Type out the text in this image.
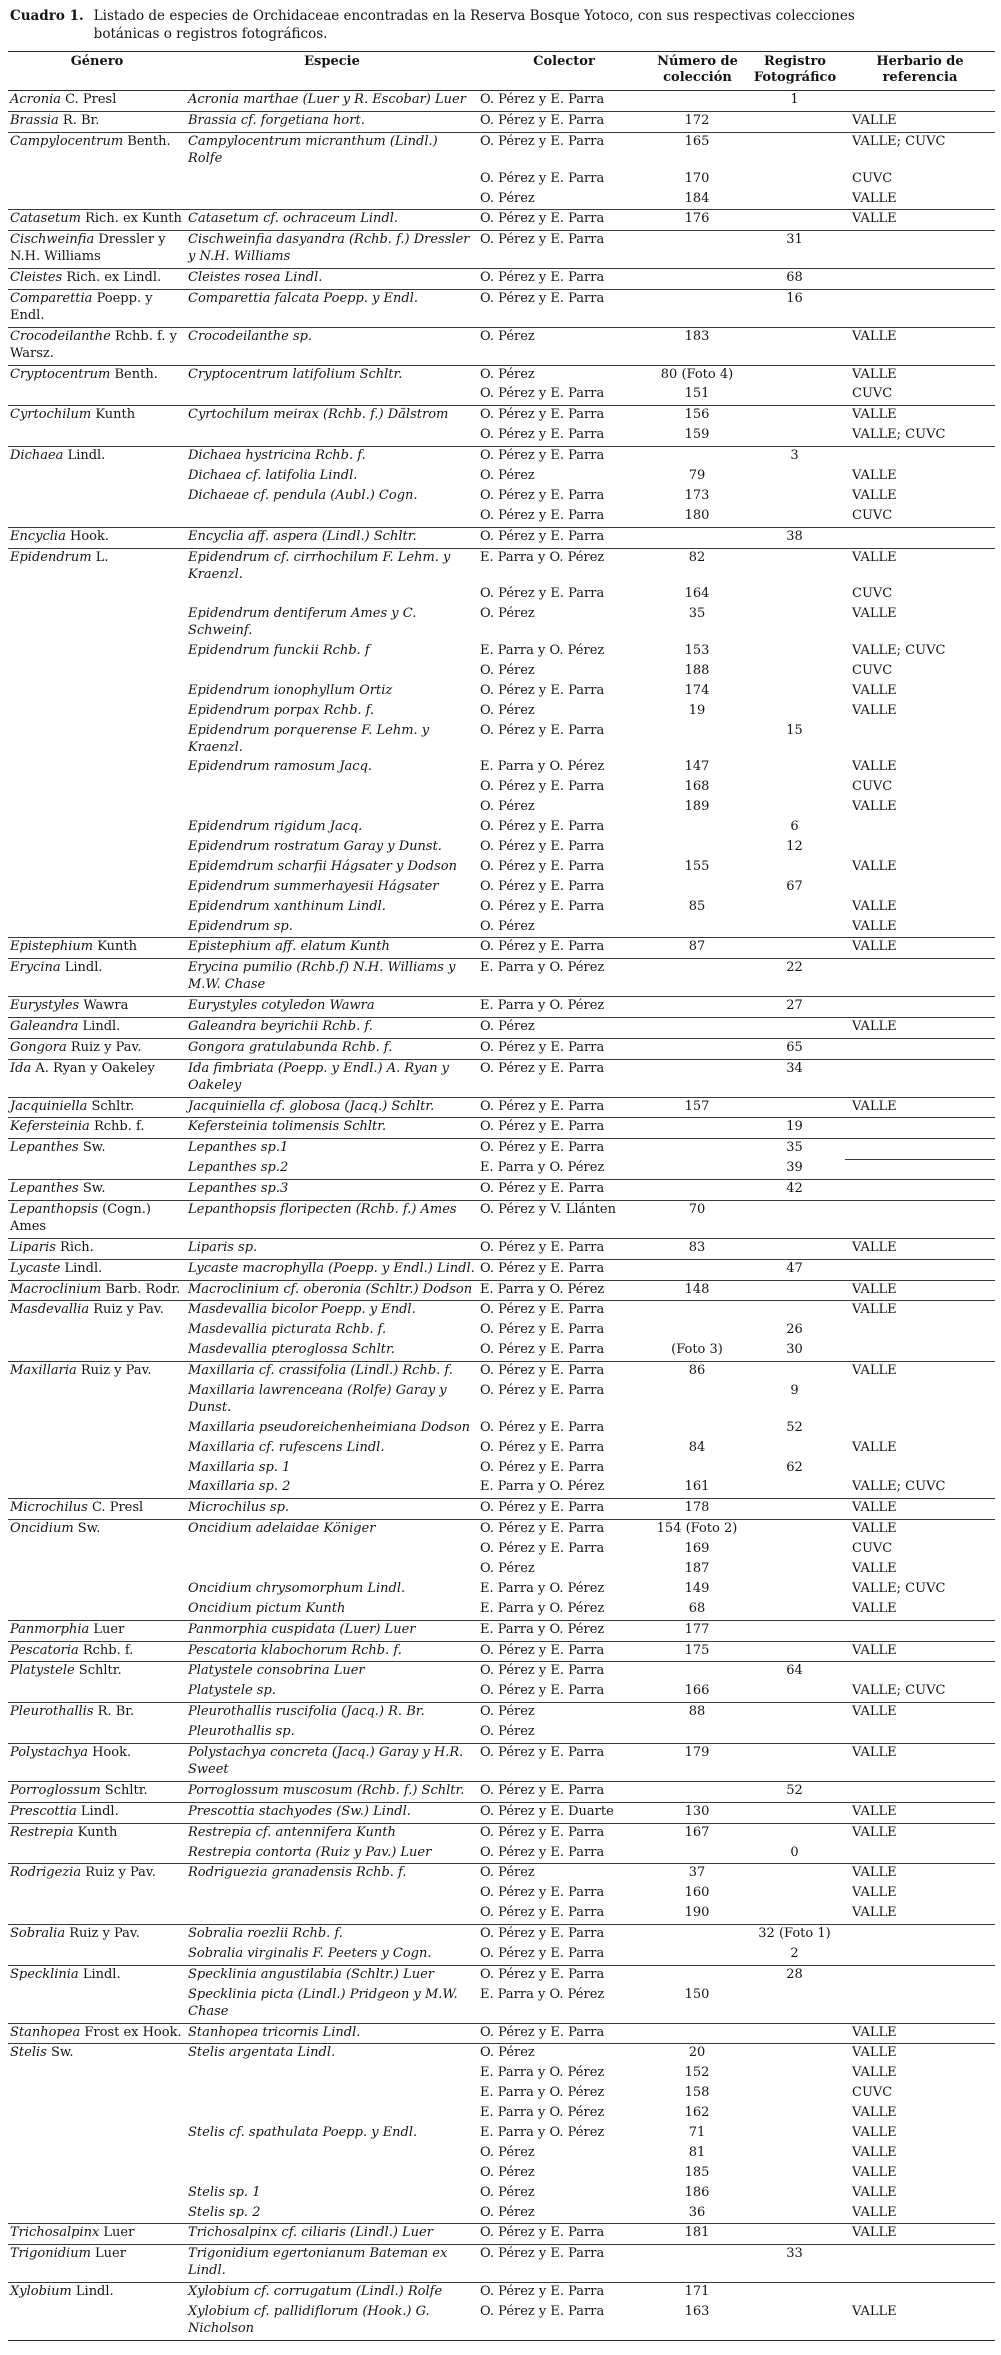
Cuadro 1. Listado de especies de Orchidaceae encontradas en la Reserva Bosque Yotoco, con sus respectivas colecciones botánicas o registros fotográficos.
Género	Especie	Colector	Número de colección	Registro Fotográfico	Herbario de referencia
Acronia C. Presl	Acronia marthae (Luer y R. Escobar) Luer	O. Pérez y E. Parra		1	
Brassia R. Br.	Brassia cf. forgetiana hort.	O. Pérez y E. Parra	172		VALLE
Campylocentrum Benth.	Campylocentrum micranthum (Lindl.) Rolfe	O. Pérez y E. Parra	165		VALLE; CUVC
		O. Pérez y E. Parra	170		CUVC
		O. Pérez	184		VALLE
Catasetum Rich. ex Kunth	Catasetum cf. ochraceum Lindl.	O. Pérez y E. Parra	176		VALLE
Cischweinfia Dressler y N.H. Williams	Cischweinfia dasyandra (Rchb. f.) Dressler y N.H. Williams	O. Pérez y E. Parra		31	
Cleistes Rich. ex Lindl.	Cleistes rosea Lindl.	O. Pérez y E. Parra		68	
Comparettia Poepp. y Endl.	Comparettia falcata Poepp. y Endl.	O. Pérez y E. Parra		16	
Crocodeilanthe Rchb. f. y Warsz.	Crocodeilanthe sp.	O. Pérez	183		VALLE
Cryptocentrum Benth.	Cryptocentrum latifolium Schltr.	O. Pérez	80 (Foto 4)		VALLE
		O. Pérez y E. Parra	151		CUVC
Cyrtochilum Kunth	Cyrtochilum meirax (Rchb. f.) Dãlstrom	O. Pérez y E. Parra	156		VALLE
		O. Pérez y E. Parra	159		VALLE; CUVC
Dichaea Lindl.	Dichaea hystricina Rchb. f.	O. Pérez y E. Parra		3	
	Dichaea cf. latifolia Lindl.	O. Pérez	79		VALLE
	Dichaeae cf. pendula (Aubl.) Cogn.	O. Pérez y E. Parra	173		VALLE
		O. Pérez y E. Parra	180		CUVC
Encyclia Hook.	Encyclia aff. aspera (Lindl.) Schltr.	O. Pérez y E. Parra		38	
Epidendrum L.	Epidendrum cf. cirrhochilum F. Lehm. y Kraenzl.	E. Parra y O. Pérez	82		VALLE
		O. Pérez y E. Parra	164		CUVC
	Epidendrum dentiferum Ames y C. Schweinf.	O. Pérez	35		VALLE
	Epidendrum funckii Rchb. f	E. Parra y O. Pérez	153		VALLE; CUVC
		O. Pérez	188		CUVC
	Epidendrum ionophyllum Ortiz	O. Pérez y E. Parra	174		VALLE
	Epidendrum porpax Rchb. f.	O. Pérez	19		VALLE
	Epidendrum porquerense F. Lehm. y Kraenzl.	O. Pérez y E. Parra		15	
	Epidendrum ramosum Jacq.	E. Parra y O. Pérez	147		VALLE
		O. Pérez y E. Parra	168		CUVC
		O. Pérez	189		VALLE
	Epidendrum rigidum Jacq.	O. Pérez y E. Parra		6	
	Epidendrum rostratum Garay y Dunst.	O. Pérez y E. Parra		12	
	Epidemdrum scharfii Hágsater y Dodson	O. Pérez y E. Parra	155		VALLE
	Epidendrum summerhayesii Hágsater	O. Pérez y E. Parra		67	
	Epidendrum xanthinum Lindl.	O. Pérez y E. Parra	85		VALLE
	Epidendrum sp.	O. Pérez			VALLE
Epistephium Kunth	Epistephium aff. elatum Kunth	O. Pérez y E. Parra	87		VALLE
Erycina Lindl.	Erycina pumilio (Rchb.f) N.H. Williams y M.W. Chase	E. Parra y O. Pérez		22	
Eurystyles Wawra	Eurystyles cotyledon Wawra	E. Parra y O. Pérez		27	
Galeandra Lindl.	Galeandra beyrichii Rchb. f.	O. Pérez			VALLE
Gongora Ruiz y Pav.	Gongora gratulabunda Rchb. f.	O. Pérez y E. Parra		65	
Ida A. Ryan y Oakeley	Ida fimbriata (Poepp. y Endl.) A. Ryan y Oakeley	O. Pérez y E. Parra		34	
Jacquiniella Schltr.	Jacquiniella cf. globosa (Jacq.) Schltr.	O. Pérez y E. Parra	157		VALLE
Kefersteinia Rchb. f.	Kefersteinia tolimensis Schltr.	O. Pérez y E. Parra		19	
Lepanthes Sw.	Lepanthes sp.1	O. Pérez y E. Parra		35	
	Lepanthes sp.2	E. Parra y O. Pérez		39	
Lepanthes Sw.	Lepanthes sp.3	O. Pérez y E. Parra		42	
Lepanthopsis (Cogn.) Ames	Lepanthopsis floripecten (Rchb. f.) Ames	O. Pérez y V. Llánten	70		
Liparis Rich.	Liparis sp.	O. Pérez y E. Parra	83		VALLE
Lycaste Lindl.	Lycaste macrophylla (Poepp. y Endl.) Lindl.	O. Pérez y E. Parra		47	
Macroclinium Barb. Rodr.	Macroclinium cf. oberonia (Schltr.) Dodson	E. Parra y O. Pérez	148		VALLE
Masdevallia Ruiz y Pav.	Masdevallia bicolor Poepp. y Endl.	O. Pérez y E. Parra			VALLE
	Masdevallia picturata Rchb. f.	O. Pérez y E. Parra		26	
	Masdevallia pteroglossa Schltr.	O. Pérez y E. Parra	(Foto 3)	30	
Maxillaria Ruiz y Pav.	Maxillaria cf. crassifolia (Lindl.) Rchb. f.	O. Pérez y E. Parra	86		VALLE
	Maxillaria lawrenceana (Rolfe) Garay y Dunst.	O. Pérez y E. Parra		9	
	Maxillaria pseudoreichenheimiana Dodson	O. Pérez y E. Parra		52	
	Maxillaria cf. rufescens Lindl.	O. Pérez y E. Parra	84		VALLE
	Maxillaria sp. 1	O. Pérez y E. Parra		62	
	Maxillaria sp. 2	E. Parra y O. Pérez	161		VALLE; CUVC
Microchilus C. Presl	Microchilus sp.	O. Pérez y E. Parra	178		VALLE
Oncidium Sw.	Oncidium adelaidae Königer	O. Pérez y E. Parra	154 (Foto 2)		VALLE
		O. Pérez y E. Parra	169		CUVC
		O. Pérez	187		VALLE
	Oncidium chrysomorphum Lindl.	E. Parra y O. Pérez	149		VALLE; CUVC
	Oncidium pictum Kunth	E. Parra y O. Pérez	68		VALLE
Panmorphia Luer	Panmorphia cuspidata (Luer) Luer	E. Parra y O. Pérez	177		
Pescatoria Rchb. f.	Pescatoria klabochorum Rchb. f.	O. Pérez y E. Parra	175		VALLE
Platystele Schltr.	Platystele consobrina Luer	O. Pérez y E. Parra		64	
	Platystele sp.	O. Pérez y E. Parra	166		VALLE; CUVC
Pleurothallis R. Br.	Pleurothallis ruscifolia (Jacq.) R. Br.	O. Pérez	88		VALLE
	Pleurothallis sp.	O. Pérez			
Polystachya Hook.	Polystachya concreta (Jacq.) Garay y H.R. Sweet	O. Pérez y E. Parra	179		VALLE
Porroglossum Schltr.	Porroglossum muscosum (Rchb. f.) Schltr.	O. Pérez y E. Parra		52	
Prescottia Lindl.	Prescottia stachyodes (Sw.) Lindl.	O. Pérez y E. Duarte	130		VALLE
Restrepia Kunth	Restrepia cf. antennifera Kunth	O. Pérez y E. Parra	167		VALLE
	Restrepia contorta (Ruiz y Pav.) Luer	O. Pérez y E. Parra		0	
Rodrigezia Ruiz y Pav.	Rodriguezia granadensis Rchb. f.	O. Pérez	37		VALLE
		O. Pérez y E. Parra	160		VALLE
		O. Pérez y E. Parra	190		VALLE
Sobralia Ruiz y Pav.	Sobralia roezlii Rchb. f.	O. Pérez y E. Parra		32 (Foto 1)	
	Sobralia virginalis F. Peeters y Cogn.	O. Pérez y E. Parra		2	
Specklinia Lindl.	Specklinia angustilabia (Schltr.) Luer	O. Pérez y E. Parra		28	
	Specklinia picta (Lindl.) Pridgeon y M.W. Chase	E. Parra y O. Pérez	150		
Stanhopea Frost ex Hook.	Stanhopea tricornis Lindl.	O. Pérez y E. Parra			VALLE
Stelis Sw.	Stelis argentata Lindl.	O. Pérez	20		VALLE
		E. Parra y O. Pérez	152		VALLE
		E. Parra y O. Pérez	158		CUVC
		E. Parra y O. Pérez	162		VALLE
	Stelis cf. spathulata Poepp. y Endl.	E. Parra y O. Pérez	71		VALLE
		O. Pérez	81		VALLE
		O. Pérez	185		VALLE
	Stelis sp. 1	O. Pérez	186		VALLE
	Stelis sp. 2	O. Pérez	36		VALLE
Trichosalpinx Luer	Trichosalpinx cf. ciliaris (Lindl.) Luer	O. Pérez y E. Parra	181		VALLE
Trigonidium Luer	Trigonidium egertonianum Bateman ex Lindl.	O. Pérez y E. Parra		33	
Xylobium Lindl.	Xylobium cf. corrugatum (Lindl.) Rolfe	O. Pérez y E. Parra	171		
	Xylobium cf. pallidiflorum (Hook.) G. Nicholson	O. Pérez y E. Parra	163		VALLE
